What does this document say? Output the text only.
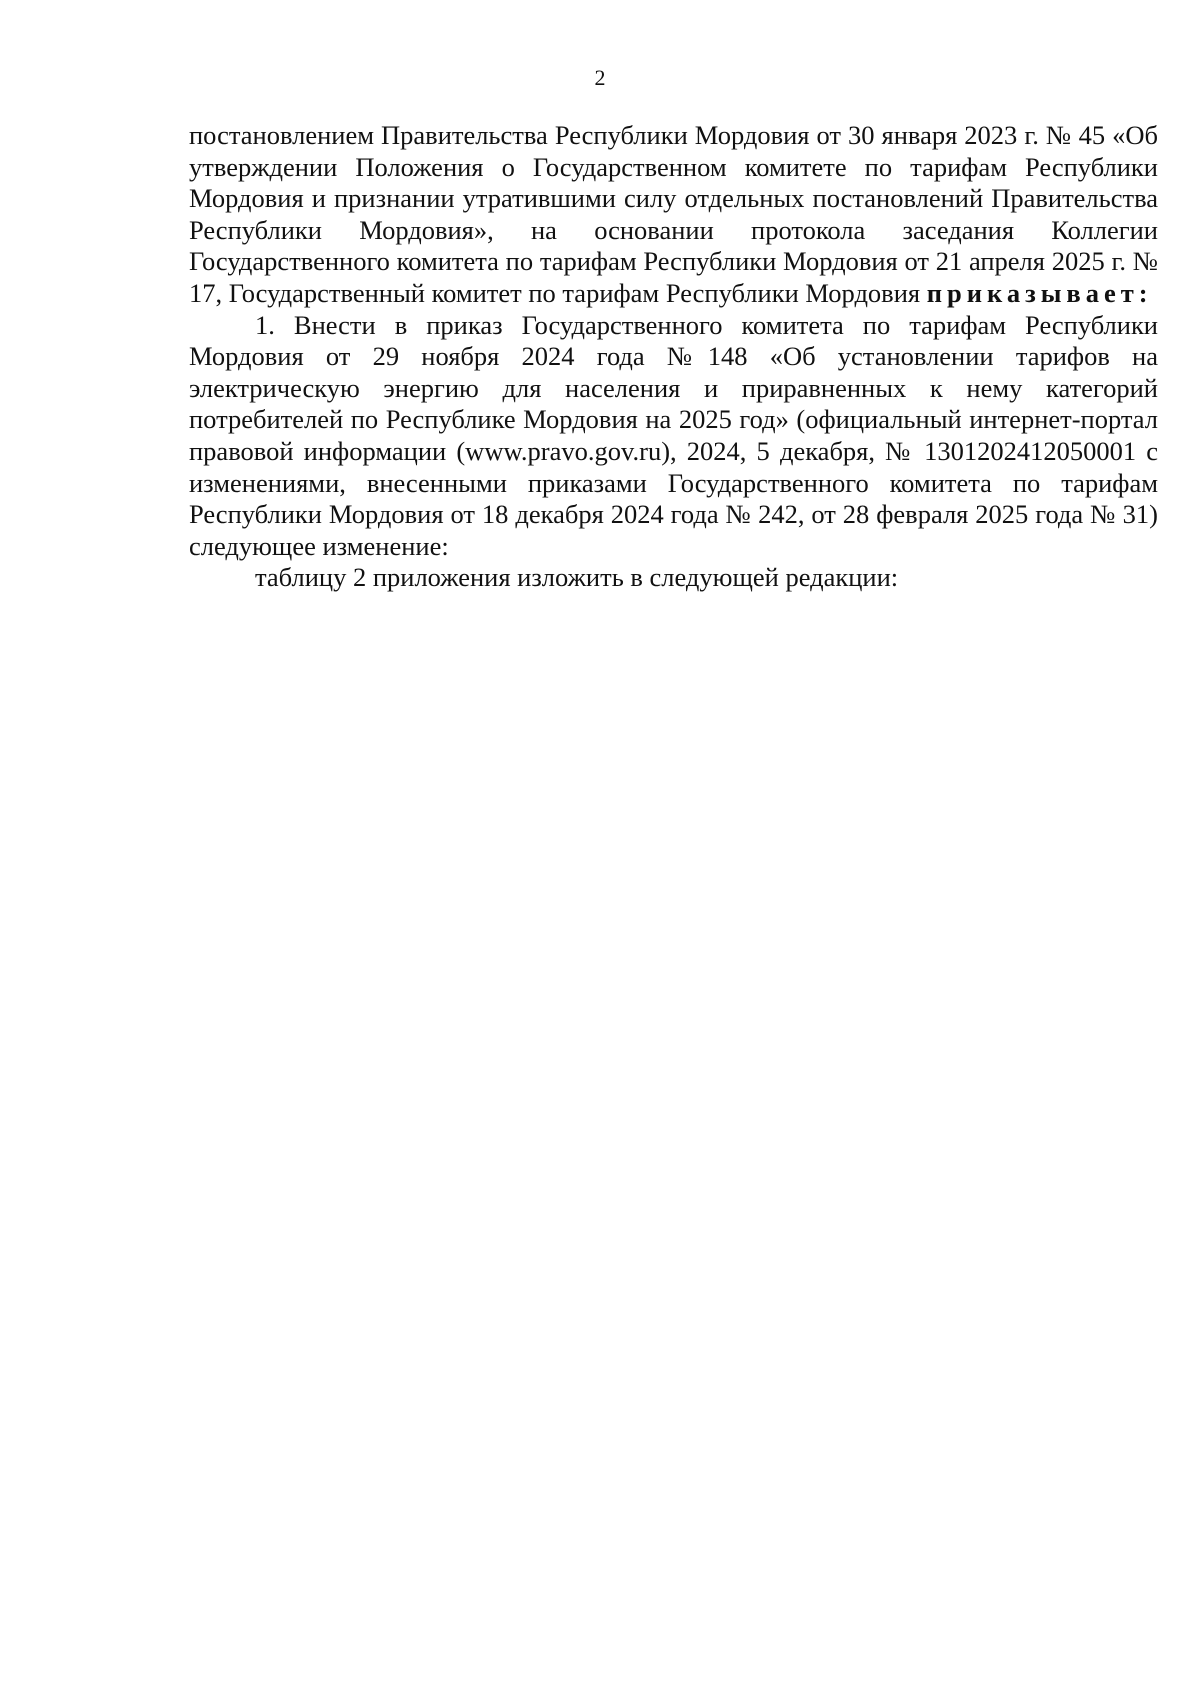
2

постановлением Правительства Республики Мордовия от 30 января 2023 г. № 45 «Об утверждении Положения о Государственном комитете по тарифам Республики Мордовия и признании утратившими силу отдельных постановлений Правительства Республики Мордовия», на основании протокола заседания Коллегии Государственного комитета по тарифам Республики Мордовия от 21 апреля 2025 г. № 17, Государственный комитет по тарифам Республики Мордовия приказывает:

1. Внести в приказ Государственного комитета по тарифам Республики Мордовия от 29 ноября 2024 года №148 «Об установлении тарифов на электрическую энергию для населения и приравненных к нему категорий потребителей по Республике Мордовия на 2025 год» (официальный интернет-портал правовой информации (www.pravo.gov.ru), 2024, 5 декабря, № 1301202412050001 с изменениями, внесенными приказами Государственного комитета по тарифам Республики Мордовия от 18 декабря 2024 года № 242, от 28 февраля 2025 года № 31) следующее изменение:

таблицу 2 приложения изложить в следующей редакции:
